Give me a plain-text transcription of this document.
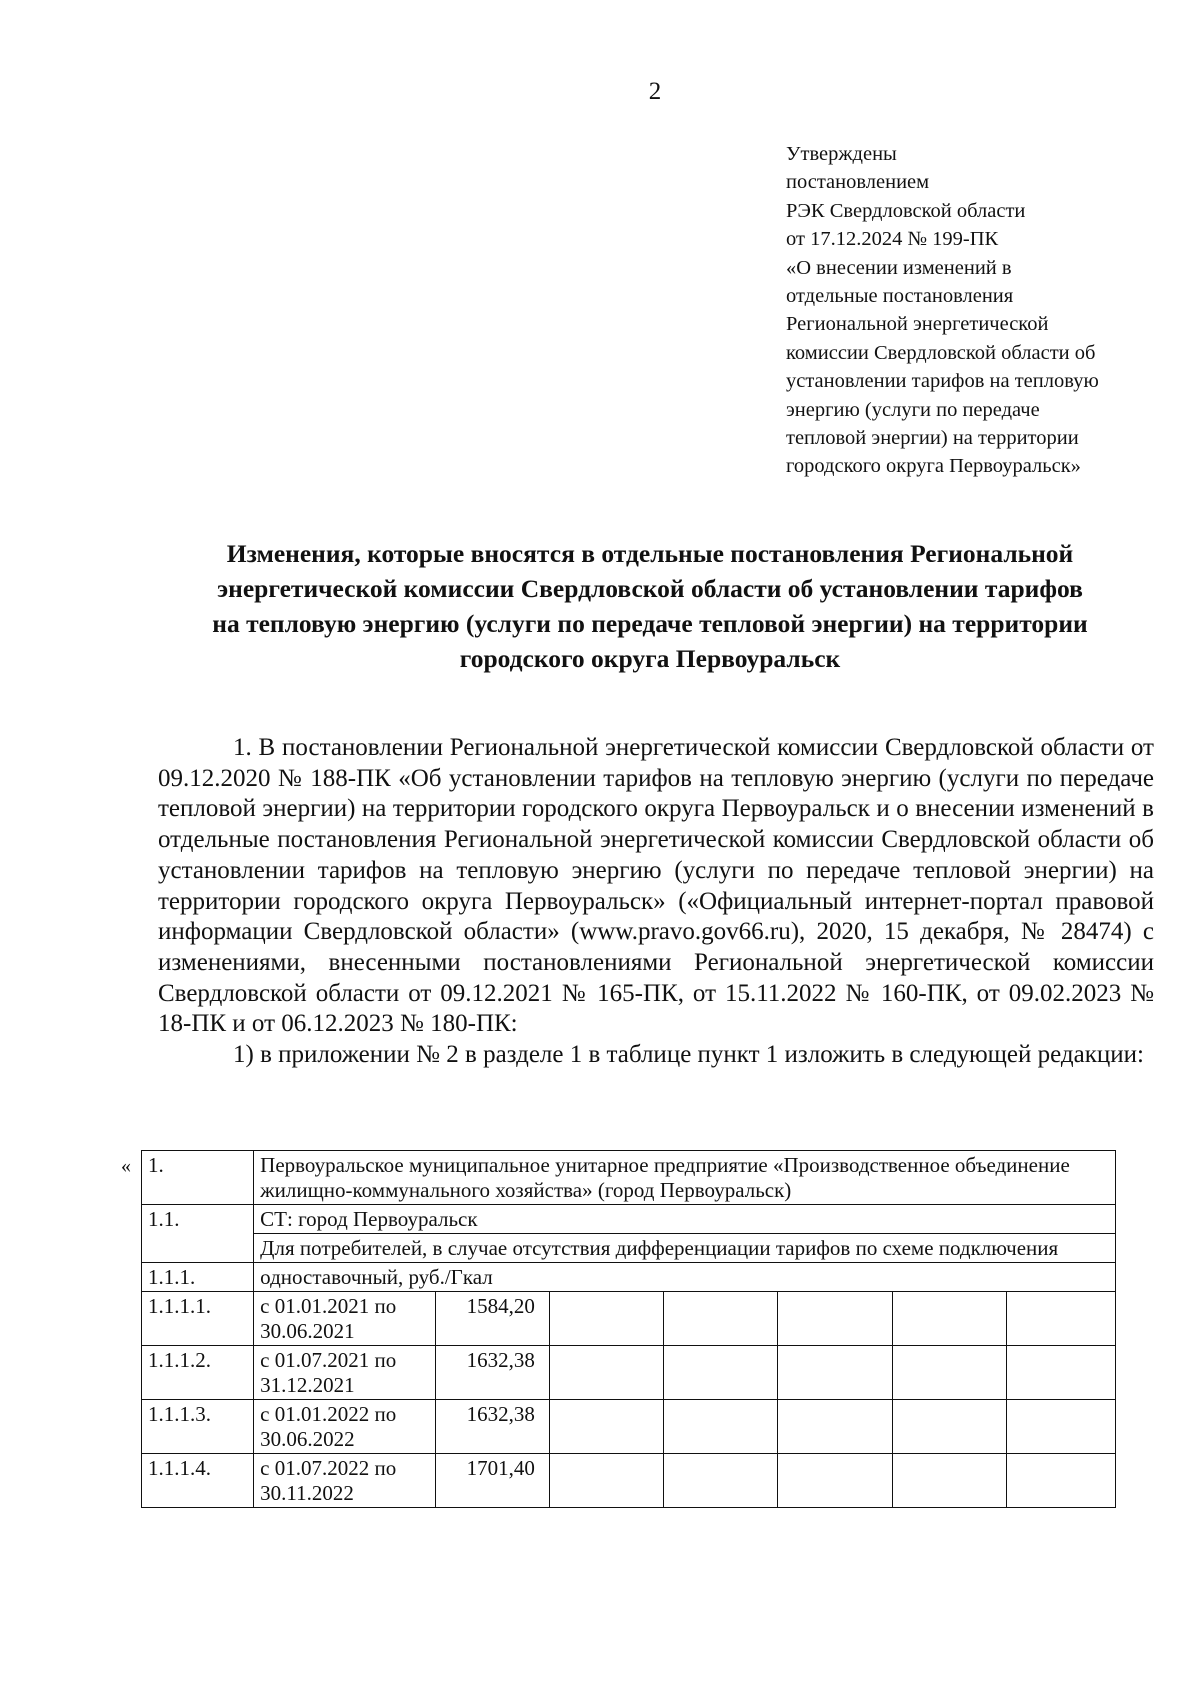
2
Утверждены
постановлением
РЭК Свердловской области
от 17.12.2024 № 199-ПК
«О внесении изменений в
отдельные постановления
Региональной энергетической
комиссии Свердловской области об
установлении тарифов на тепловую
энергию (услуги по передаче
тепловой энергии) на территории
городского округа Первоуральск»
Изменения, которые вносятся в отдельные постановления Региональной
энергетической комиссии Свердловской области об установлении тарифов
на тепловую энергию (услуги по передаче тепловой энергии) на территории
городского округа Первоуральск

1. В постановлении Региональной энергетической комиссии Свердловской области от 09.12.2020 № 188-ПК «Об установлении тарифов на тепловую энергию (услуги по передаче тепловой энергии) на территории городского округа Первоуральск и о внесении изменений в отдельные постановления Региональной энергетической комиссии Свердловской области об установлении тарифов на тепловую энергию (услуги по передаче тепловой энергии) на территории городского округа Первоуральск» («Официальный интернет-портал правовой информации Свердловской области» (www.pravo.gov66.ru), 2020, 15 декабря, № 28474) с изменениями, внесенными постановлениями Региональной энергетической комиссии Свердловской области от 09.12.2021 № 165-ПК, от 15.11.2022 № 160-ПК, от 09.02.2023 № 18-ПК и от 06.12.2023 № 180-ПК:

1) в приложении № 2 в разделе 1 в таблице пункт 1 изложить в следующей редакции:

« 1.	Первоуральское муниципальное унитарное предприятие «Производственное объединение жилищно-коммунального хозяйства» (город Первоуральск)						
1.1.	СТ: город Первоуральск						
	Для потребителей, в случае отсутствия дифференциации тарифов по схеме подключения						
1.1.1.	одноставочный, руб./Гкал						
1.1.1.1.	с 01.01.2021 по 30.06.2021	1584,20					
1.1.1.2.	с 01.07.2021 по 31.12.2021	1632,38					
1.1.1.3.	с 01.01.2022 по 30.06.2022	1632,38					
1.1.1.4.	с 01.07.2022 по 30.11.2022	1701,40					
